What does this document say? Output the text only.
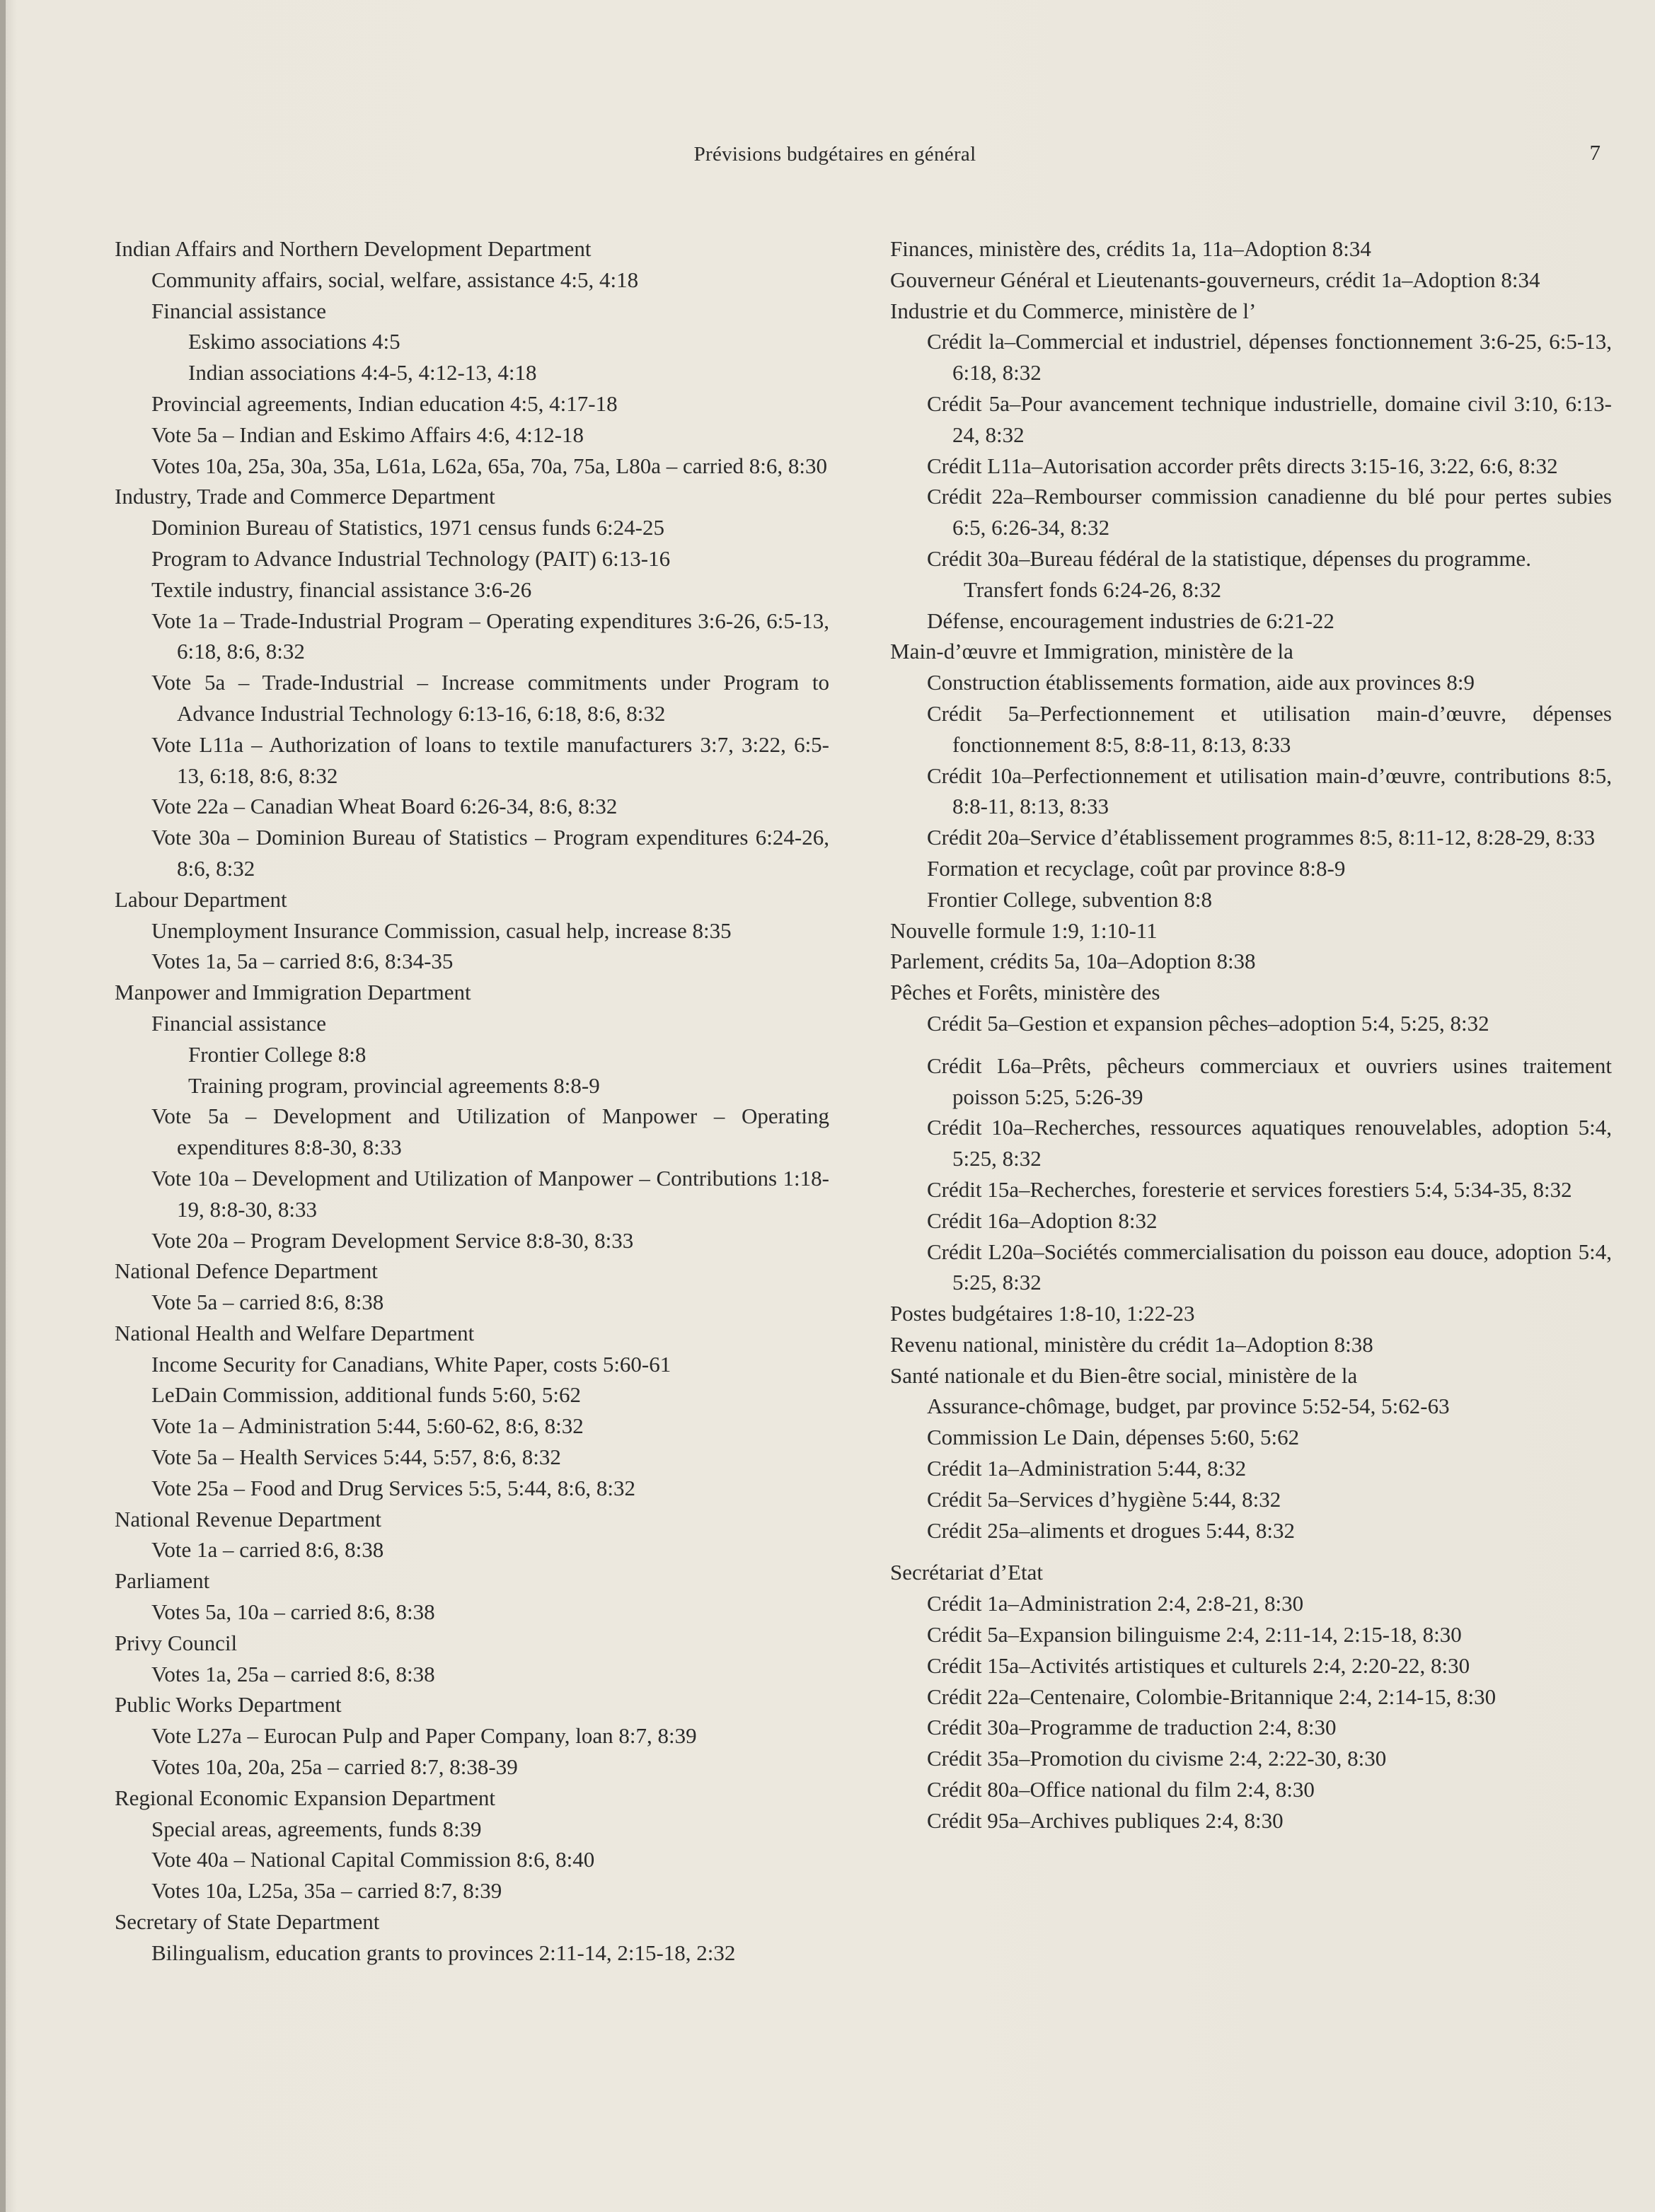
Prévisions budgétaires en général	7
Indian Affairs and Northern Development Department
Community affairs, social, welfare, assistance 4:5, 4:18
Financial assistance
Eskimo associations 4:5
Indian associations 4:4-5, 4:12-13, 4:18
Provincial agreements, Indian education 4:5, 4:17-18
Vote 5a – Indian and Eskimo Affairs 4:6, 4:12-18
Votes 10a, 25a, 30a, 35a, L61a, L62a, 65a, 70a, 75a, L80a – carried 8:6, 8:30
Industry, Trade and Commerce Department
Dominion Bureau of Statistics, 1971 census funds 6:24-25
Program to Advance Industrial Technology (PAIT) 6:13-16
Textile industry, financial assistance 3:6-26
Vote 1a – Trade-Industrial Program – Operating expenditures 3:6-26, 6:5-13, 6:18, 8:6, 8:32
Vote 5a – Trade-Industrial – Increase commitments under Program to Advance Industrial Technology 6:13-16, 6:18, 8:6, 8:32
Vote L11a – Authorization of loans to textile manufacturers 3:7, 3:22, 6:5-13, 6:18, 8:6, 8:32
Vote 22a – Canadian Wheat Board 6:26-34, 8:6, 8:32
Vote 30a – Dominion Bureau of Statistics – Program expenditures 6:24-26, 8:6, 8:32
Labour Department
Unemployment Insurance Commission, casual help, increase 8:35
Votes 1a, 5a – carried 8:6, 8:34-35
Manpower and Immigration Department
Financial assistance
Frontier College 8:8
Training program, provincial agreements 8:8-9
Vote 5a – Development and Utilization of Manpower – Operating expenditures 8:8-30, 8:33
Vote 10a – Development and Utilization of Manpower – Contributions 1:18-19, 8:8-30, 8:33
Vote 20a – Program Development Service 8:8-30, 8:33
National Defence Department
Vote 5a – carried 8:6, 8:38
National Health and Welfare Department
Income Security for Canadians, White Paper, costs 5:60-61
LeDain Commission, additional funds 5:60, 5:62
Vote 1a – Administration 5:44, 5:60-62, 8:6, 8:32
Vote 5a – Health Services 5:44, 5:57, 8:6, 8:32
Vote 25a – Food and Drug Services 5:5, 5:44, 8:6, 8:32
National Revenue Department
Vote 1a – carried 8:6, 8:38
Parliament
Votes 5a, 10a – carried 8:6, 8:38
Privy Council
Votes 1a, 25a – carried 8:6, 8:38
Public Works Department
Vote L27a – Eurocan Pulp and Paper Company, loan 8:7, 8:39
Votes 10a, 20a, 25a – carried 8:7, 8:38-39
Regional Economic Expansion Department
Special areas, agreements, funds 8:39
Vote 40a – National Capital Commission 8:6, 8:40
Votes 10a, L25a, 35a – carried 8:7, 8:39
Secretary of State Department
Bilingualism, education grants to provinces 2:11-14, 2:15-18, 2:32
Finances, ministère des, crédits 1a, 11a–Adoption 8:34
Gouverneur Général et Lieutenants-gouverneurs, crédit 1a–Adoption 8:34
Industrie et du Commerce, ministère de l’
Crédit la–Commercial et industriel, dépenses fonctionnement 3:6-25, 6:5-13, 6:18, 8:32
Crédit 5a–Pour avancement technique industrielle, domaine civil 3:10, 6:13-24, 8:32
Crédit L11a–Autorisation accorder prêts directs 3:15-16, 3:22, 6:6, 8:32
Crédit 22a–Rembourser commission canadienne du blé pour pertes subies 6:5, 6:26-34, 8:32
Crédit 30a–Bureau fédéral de la statistique, dépenses du programme.
Transfert fonds 6:24-26, 8:32
Défense, encouragement industries de 6:21-22
Main-d’œuvre et Immigration, ministère de la
Construction établissements formation, aide aux provinces 8:9
Crédit 5a–Perfectionnement et utilisation main-d’œuvre, dépenses fonctionnement 8:5, 8:8-11, 8:13, 8:33
Crédit 10a–Perfectionnement et utilisation main-d’œuvre, contributions 8:5, 8:8-11, 8:13, 8:33
Crédit 20a–Service d’établissement programmes 8:5, 8:11-12, 8:28-29, 8:33
Formation et recyclage, coût par province 8:8-9
Frontier College, subvention 8:8
Nouvelle formule 1:9, 1:10-11
Parlement, crédits 5a, 10a–Adoption 8:38
Pêches et Forêts, ministère des
Crédit 5a–Gestion et expansion pêches–adoption 5:4, 5:25, 8:32
Crédit L6a–Prêts, pêcheurs commerciaux et ouvriers usines traitement poisson 5:25, 5:26-39
Crédit 10a–Recherches, ressources aquatiques renouvelables, adoption 5:4, 5:25, 8:32
Crédit 15a–Recherches, foresterie et services forestiers 5:4, 5:34-35, 8:32
Crédit 16a–Adoption 8:32
Crédit L20a–Sociétés commercialisation du poisson eau douce, adoption 5:4, 5:25, 8:32
Postes budgétaires 1:8-10, 1:22-23
Revenu national, ministère du crédit 1a–Adoption 8:38
Santé nationale et du Bien-être social, ministère de la
Assurance-chômage, budget, par province 5:52-54, 5:62-63
Commission Le Dain, dépenses 5:60, 5:62
Crédit 1a–Administration 5:44, 8:32
Crédit 5a–Services d’hygiène 5:44, 8:32
Crédit 25a–aliments et drogues 5:44, 8:32
Secrétariat d’Etat
Crédit 1a–Administration 2:4, 2:8-21, 8:30
Crédit 5a–Expansion bilinguisme 2:4, 2:11-14, 2:15-18, 8:30
Crédit 15a–Activités artistiques et culturels 2:4, 2:20-22, 8:30
Crédit 22a–Centenaire, Colombie-Britannique 2:4, 2:14-15, 8:30
Crédit 30a–Programme de traduction 2:4, 8:30
Crédit 35a–Promotion du civisme 2:4, 2:22-30, 8:30
Crédit 80a–Office national du film 2:4, 8:30
Crédit 95a–Archives publiques 2:4, 8:30
